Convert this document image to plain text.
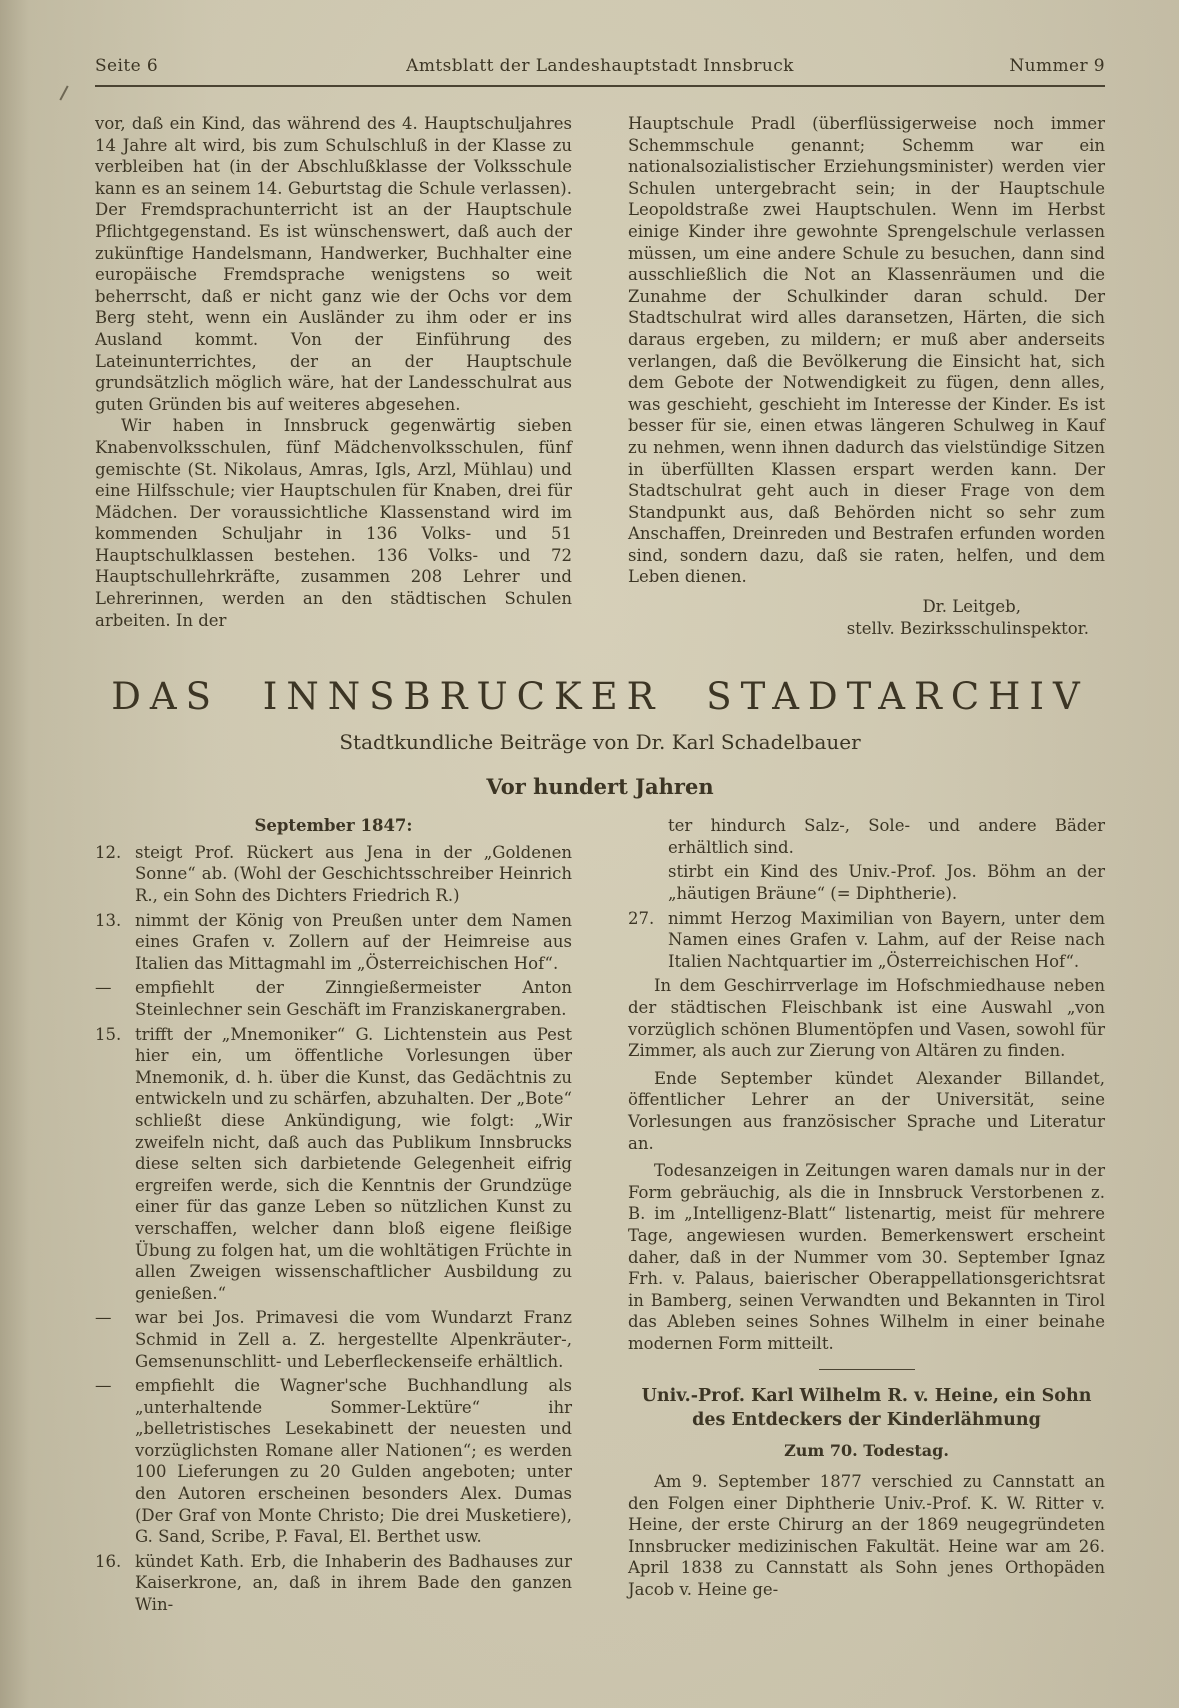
Seite 6	Amtsblatt der Landeshauptstadt Innsbruck	Nummer 9

vor, daß ein Kind, das während des 4. Hauptschuljahres 14 Jahre alt wird, bis zum Schulschluß in der Klasse zu verbleiben hat (in der Abschlußklasse der Volksschule kann es an seinem 14. Geburtstag die Schule verlassen). Der Fremdsprachunterricht ist an der Hauptschule Pflichtgegenstand. Es ist wünschenswert, daß auch der zukünftige Handelsmann, Handwerker, Buchhalter eine europäische Fremdsprache wenigstens so weit beherrscht, daß er nicht ganz wie der Ochs vor dem Berg steht, wenn ein Ausländer zu ihm oder er ins Ausland kommt. Von der Einführung des Lateinunterrichtes, der an der Hauptschule grundsätzlich möglich wäre, hat der Landesschulrat aus guten Gründen bis auf weiteres abgesehen.

Wir haben in Innsbruck gegenwärtig sieben Knabenvolksschulen, fünf Mädchenvolksschulen, fünf gemischte (St. Nikolaus, Amras, Igls, Arzl, Mühlau) und eine Hilfsschule; vier Hauptschulen für Knaben, drei für Mädchen. Der voraussichtliche Klassenstand wird im kommenden Schuljahr in 136 Volks- und 51 Hauptschulklassen bestehen. 136 Volks- und 72 Hauptschullehrkräfte, zusammen 208 Lehrer und Lehrerinnen, werden an den städtischen Schulen arbeiten. In der

Hauptschule Pradl (überflüssigerweise noch immer Schemmschule genannt; Schemm war ein nationalsozialistischer Erziehungsminister) werden vier Schulen untergebracht sein; in der Hauptschule Leopoldstraße zwei Hauptschulen. Wenn im Herbst einige Kinder ihre gewohnte Sprengelschule verlassen müssen, um eine andere Schule zu besuchen, dann sind ausschließlich die Not an Klassenräumen und die Zunahme der Schulkinder daran schuld. Der Stadtschulrat wird alles daransetzen, Härten, die sich daraus ergeben, zu mildern; er muß aber anderseits verlangen, daß die Bevölkerung die Einsicht hat, sich dem Gebote der Notwendigkeit zu fügen, denn alles, was geschieht, geschieht im Interesse der Kinder. Es ist besser für sie, einen etwas längeren Schulweg in Kauf zu nehmen, wenn ihnen dadurch das vielstündige Sitzen in überfüllten Klassen erspart werden kann. Der Stadtschulrat geht auch in dieser Frage von dem Standpunkt aus, daß Behörden nicht so sehr zum Anschaffen, Dreinreden und Bestrafen erfunden worden sind, sondern dazu, daß sie raten, helfen, und dem Leben dienen.

Dr. Leitgeb,

stellv. Bezirksschulinspektor.

DAS INNSBRUCKER STADTARCHIV
Stadtkundliche Beiträge von Dr. Karl Schadelbauer
Vor hundert Jahren
September 1847:
12. steigt Prof. Rückert aus Jena in der „Goldenen Sonne“ ab. (Wohl der Geschichtsschreiber Heinrich R., ein Sohn des Dichters Friedrich R.)
13. nimmt der König von Preußen unter dem Namen eines Grafen v. Zollern auf der Heimreise aus Italien das Mittagmahl im „Österreichischen Hof“.
—	empfiehlt der Zinngießermeister Anton Steinlechner sein Geschäft im Franziskanergraben.
15. trifft der „Mnemoniker“ G. Lichtenstein aus Pest hier ein, um öffentliche Vorlesungen über Mnemonik, d. h. über die Kunst, das Gedächtnis zu entwickeln und zu schärfen, abzuhalten. Der „Bote“ schließt diese Ankündigung, wie folgt: „Wir zweifeln nicht, daß auch das Publikum Innsbrucks diese selten sich darbietende Gelegenheit eifrig ergreifen werde, sich die Kenntnis der Grundzüge einer für das ganze Leben so nützlichen Kunst zu verschaffen, welcher dann bloß eigene fleißige Übung zu folgen hat, um die wohltätigen Früchte in allen Zweigen wissenschaftlicher Ausbildung zu genießen.“
—	war bei Jos. Primavesi die vom Wundarzt Franz Schmid in Zell a. Z. hergestellte Alpenkräuter-, Gemsenunschlitt- und Leberfleckenseife erhältlich.
—	empfiehlt die Wagner'sche Buchhandlung als „unterhaltende Sommer-Lektüre“ ihr „belletristisches Lesekabinett der neuesten und vorzüglichsten Romane aller Nationen“; es werden 100 Lieferungen zu 20 Gulden angeboten; unter den Autoren erscheinen besonders Alex. Dumas (Der Graf von Monte Christo; Die drei Musketiere), G. Sand, Scribe, P. Faval, El. Berthet usw.
16. kündet Kath. Erb, die Inhaberin des Badhauses zur Kaiserkrone, an, daß in ihrem Bade den ganzen Win-
ter hindurch Salz-, Sole- und andere Bäder erhältlich sind.
stirbt ein Kind des Univ.-Prof. Jos. Böhm an der „häutigen Bräune“ (= Diphtherie).
27. nimmt Herzog Maximilian von Bayern, unter dem Namen eines Grafen v. Lahm, auf der Reise nach Italien Nachtquartier im „Österreichischen Hof“.

In dem Geschirrverlage im Hofschmiedhause neben der städtischen Fleischbank ist eine Auswahl „von vorzüglich schönen Blumentöpfen und Vasen, sowohl für Zimmer, als auch zur Zierung von Altären zu finden.

Ende September kündet Alexander Billandet, öffentlicher Lehrer an der Universität, seine Vorlesungen aus französischer Sprache und Literatur an.

Todesanzeigen in Zeitungen waren damals nur in der Form gebräuchig, als die in Innsbruck Verstorbenen z. B. im „Intelligenz-Blatt“ listenartig, meist für mehrere Tage, angewiesen wurden. Bemerkenswert erscheint daher, daß in der Nummer vom 30. September Ignaz Frh. v. Palaus, baierischer Oberappellationsgerichtsrat in Bamberg, seinen Verwandten und Bekannten in Tirol das Ableben seines Sohnes Wilhelm in einer beinahe modernen Form mitteilt.

Univ.-Prof. Karl Wilhelm R. v. Heine, ein Sohn des Entdeckers der Kinderlähmung
Zum 70. Todestag.

Am 9. September 1877 verschied zu Cannstatt an den Folgen einer Diphtherie Univ.-Prof. K. W. Ritter v. Heine, der erste Chirurg an der 1869 neugegründeten Innsbrucker medizinischen Fakultät. Heine war am 26. April 1838 zu Cannstatt als Sohn jenes Orthopäden Jacob v. Heine ge-
